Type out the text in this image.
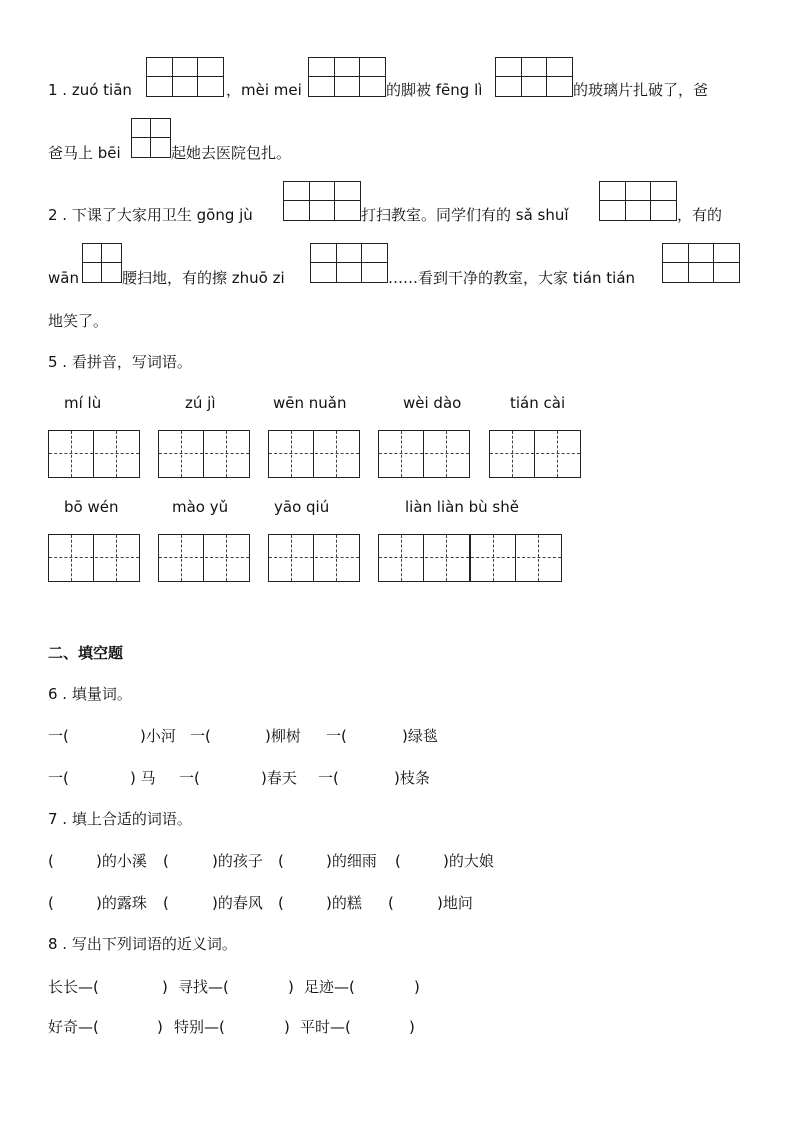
1 . zuó tiān	，mèi mei	的脚被 fēng lì	的玻璃片扎破了，爸
爸马上 bēi	起她去医院包扎。
2 . 下课了大家用卫生 gōng jù	打扫教室。同学们有的 sǎ shuǐ	，有的
wān	腰扫地，有的擦 zhuō zi	……看到干净的教室，大家 tián tián
地笑了。
5 . 看拼音，写词语。
mí lù	zú jì	wēn nuǎn	wèi dào	tián cài
bō wén	mào yǔ	yāo qiú	liàn liàn bù shě
二、填空题
6 . 填量词。
一(	)小河 一(	)柳树 一(	)绿毯
一(	) 马 一(	)春天 一(	)枝条
7 . 填上合适的词语。
(	)的小溪 (	)的孩子 (	)的细雨 (	)的大娘
(	)的露珠 (	)的春风 (	)的糕 (	)地问
8 . 写出下列词语的近义词。
长长—(	) 寻找—(	) 足迹—(	)
好奇—(	) 特别—(	) 平时—(	)
